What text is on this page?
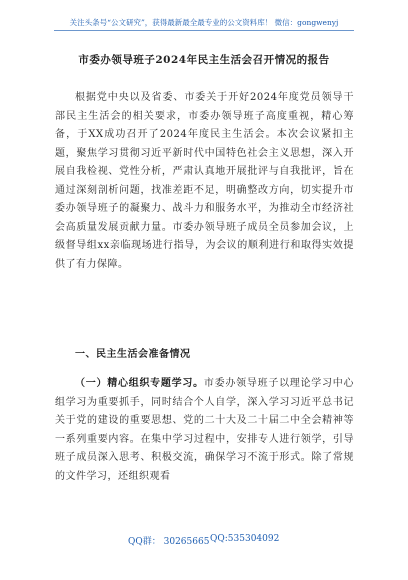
关注头条号“公文研究”，获得最新最全最专业的公文资料库！ 微信：gongwenyj
市委办领导班子2024年民主生活会召开情况的报告

根据党中央以及省委、市委关于开好2024年度党员领导干部民主生活会的相关要求，市委办领导班子高度重视，精心筹备，于XX成功召开了2024年度民主生活会。本次会议紧扣主题，聚焦学习贯彻习近平新时代中国特色社会主义思想，深入开展自我检视、党性分析，严肃认真地开展批评与自我批评，旨在通过深刻剖析问题，找准差距不足，明确整改方向，切实提升市委办领导班子的凝聚力、战斗力和服务水平，为推动全市经济社会高质量发展贡献力量。市委办领导班子成员全员参加会议，上级督导组xx亲临现场进行指导，为会议的顺利进行和取得实效提供了有力保障。

一、民主生活会准备情况

（一）精心组织专题学习。市委办领导班子以理论学习中心组学习为重要抓手，同时结合个人自学，深入学习习近平总书记关于党的建设的重要思想、党的二十大及二十届二中全会精神等一系列重要内容。在集中学习过程中，安排专人进行领学，引导班子成员深入思考、积极交流，确保学习不流于形式。除了常规的文件学习，还组织观看

QQ群： 30265665 QQ:535304092
